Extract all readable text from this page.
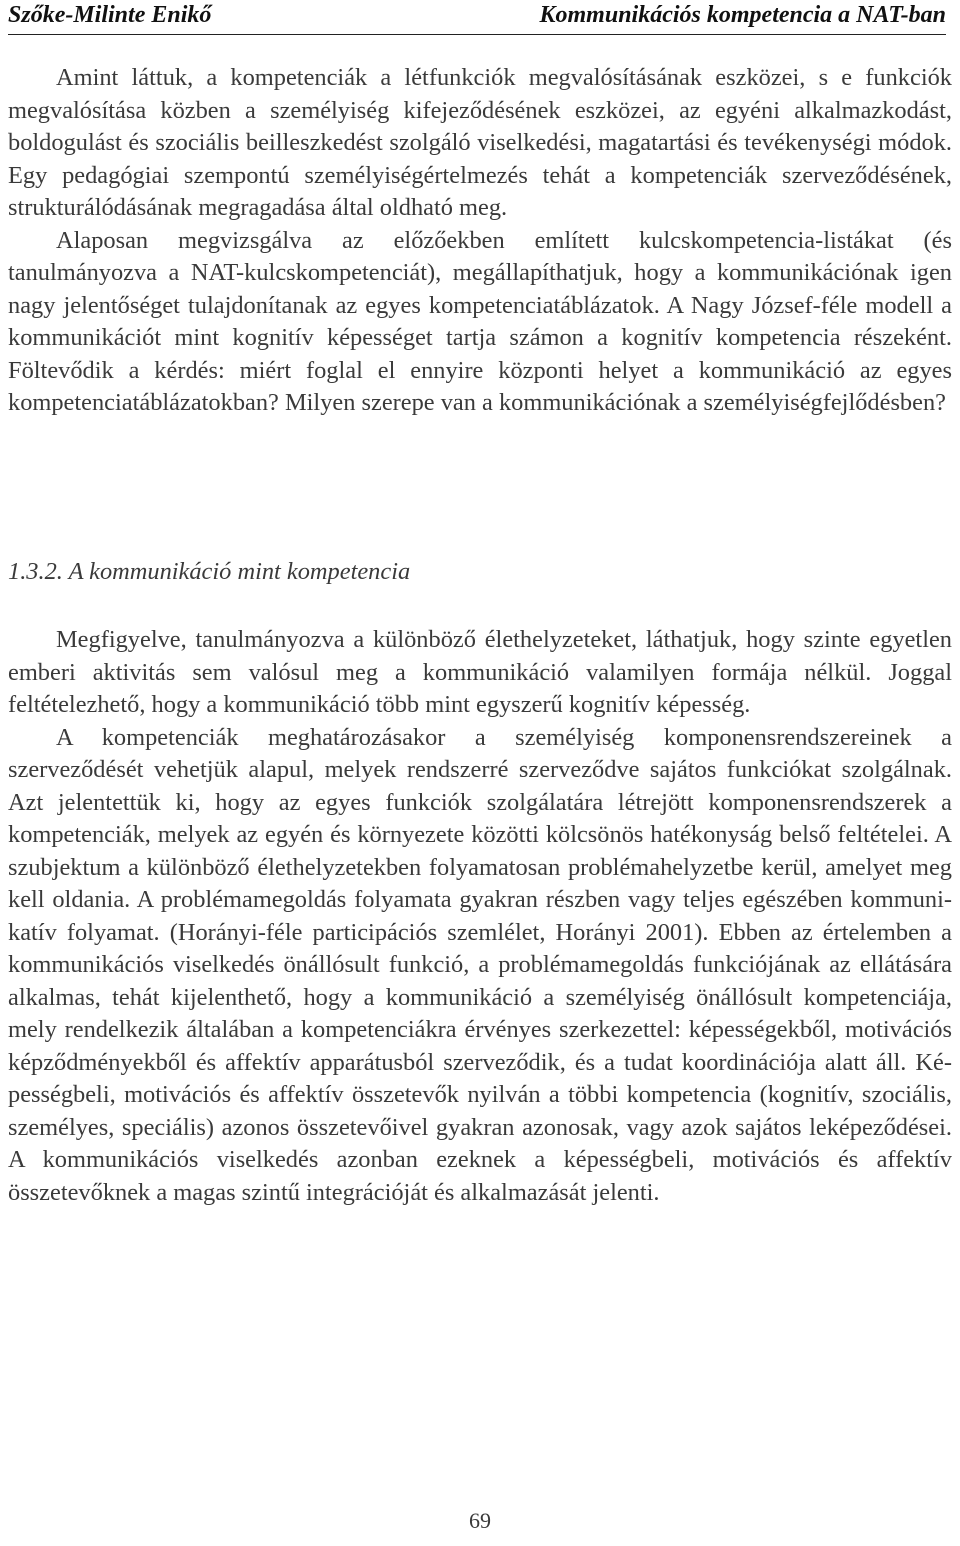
Szőke-Milinte Enikő	Kommunikációs kompetencia a NAT-ban

Amint láttuk, a kompetenciák a létfunkciók megvalósításának eszközei, s e funkciók megvalósítása közben a személyiség kifejeződésének eszközei, az egyéni alkalmazkodást, boldogulást és szociális beilleszkedést szolgáló viselkedési, magatartási és tevékenységi módok. Egy pedagógiai szempontú személyiségértelmezés tehát a kompetenciák szerveződésének, strukturálódásának megragadása által oldható meg.

Alaposan megvizsgálva az előzőekben említett kulcskompetencia-listákat (és tanulmányozva a NAT-kulcskompetenciát), megállapíthatjuk, hogy a kommunikációnak igen nagy jelentőséget tulajdonítanak az egyes kompetenciatáblázatok. A Nagy József-féle modell a kommunikációt mint kognitív képességet tartja számon a kognitív kompetencia részeként. Föltevődik a kérdés: miért foglal el ennyire központi helyet a kommunikáció az egyes kompetenciatáblázatokban? Milyen szerepe van a kommunikációnak a személyiségfejlődésben?

1.3.2. A kommunikáció mint kompetencia

Megfigyelve, tanulmányozva a különböző élethelyzeteket, láthatjuk, hogy szinte egyetlen emberi aktivitás sem valósul meg a kommunikáció valamilyen formája nélkül. Joggal feltételezhető, hogy a kommunikáció több mint egyszerű kognitív képesség.

A kompetenciák meghatározásakor a személyiség komponensrendszereinek a szerveződését vehetjük alapul, melyek rendszerré szerveződve sajátos funkciókat szolgálnak. Azt jelentettük ki, hogy az egyes funkciók szolgálatára létrejött komponensrendszerek a kompetenciák, melyek az egyén és környezete közötti kölcsönös hatékonyság belső feltételei. A szubjektum a különböző élethelyzetekben folyamatosan problémahelyzetbe kerül, amelyet meg kell oldania. A problémamegoldás folyamata gyakran részben vagy teljes egészében kommunikatív folyamat. (Horányi-féle participációs szemlélet, Horányi 2001). Ebben az értelemben a kommunikációs viselkedés önállósult funkció, a problémamegoldás funkciójának az ellátására alkalmas, tehát kijelenthető, hogy a kommunikáció a személyiség önállósult kompetenciája, mely rendelkezik általában a kompetenciákra érvényes szerkezettel: képességekből, motivációs képződményekből és affektív apparátusból szerveződik, és a tudat koordinációja alatt áll. Képességbeli, motivációs és affektív összetevők nyilván a többi kompetencia (kognitív, szociális, személyes, speciális) azonos összetevőivel gyakran azonosak, vagy azok sajátos leképeződései. A kommunikációs viselkedés azonban ezeknek a képességbeli, motivációs és affektív összetevőknek a magas szintű integrációját és alkalmazását jelenti.

69
